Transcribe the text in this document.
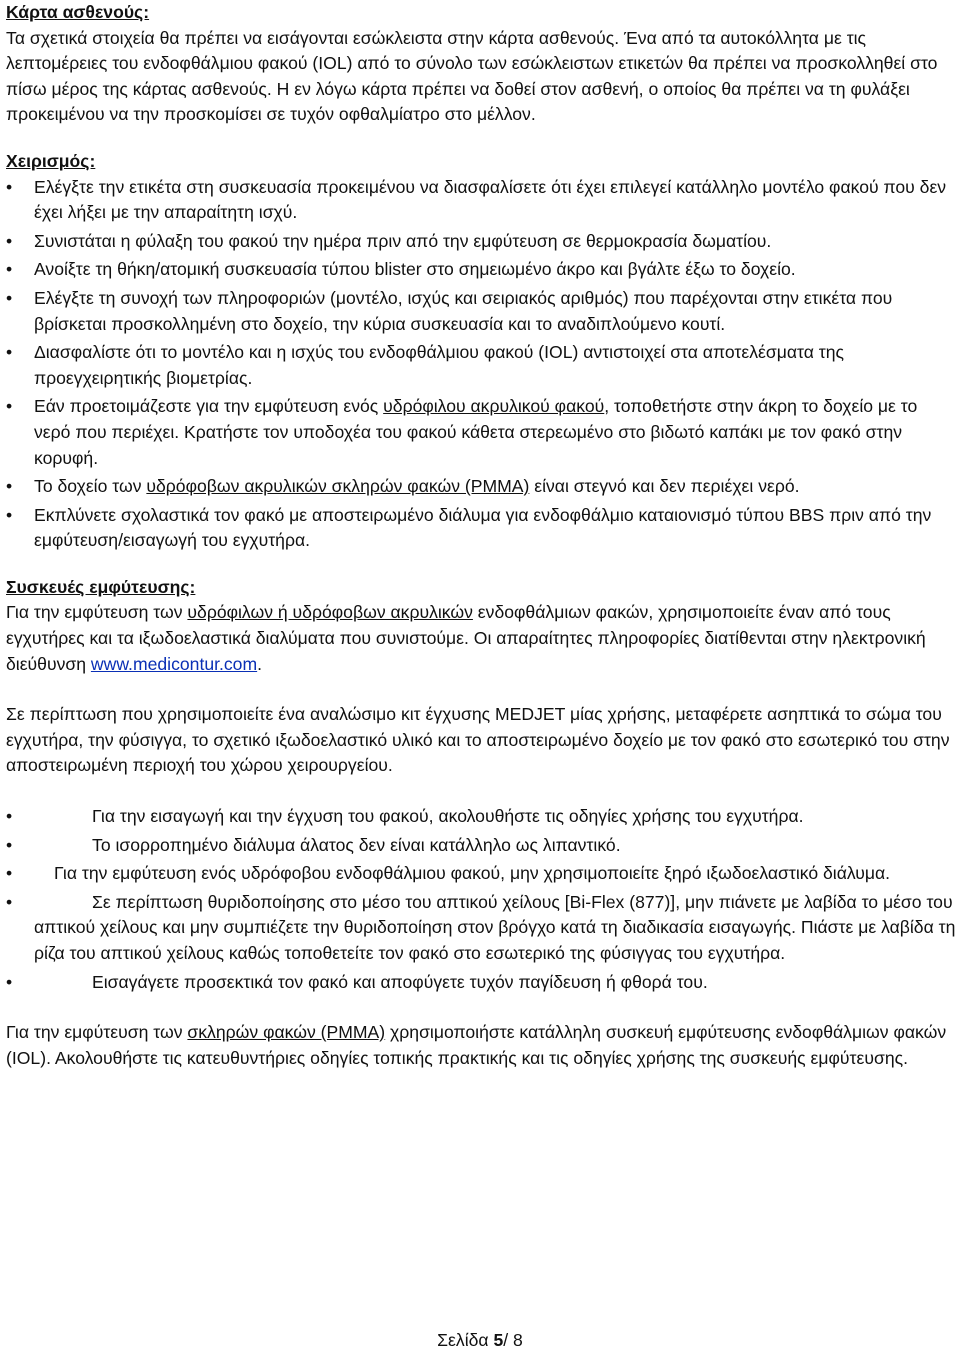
Κάρτα ασθενούς:

Τα σχετικά στοιχεία θα πρέπει να εισάγονται εσώκλειστα στην κάρτα ασθενούς. Ένα από τα αυτοκόλλητα με τις λεπτομέρειες του ενδοφθάλμιου φακού (IOL) από το σύνολο των εσώκλειστων ετικετών θα πρέπει να προσκολληθεί στο πίσω μέρος της κάρτας ασθενούς. Η εν λόγω κάρτα πρέπει να δοθεί στον ασθενή, ο οποίος θα πρέπει να τη φυλάξει προκειμένου να την προσκομίσει σε τυχόν οφθαλμίατρο στο μέλλον.

Χειρισμός:

• Ελέγξτε την ετικέτα στη συσκευασία προκειμένου να διασφαλίσετε ότι έχει επιλεγεί κατάλληλο μοντέλο φακού που δεν έχει λήξει με την απαραίτητη ισχύ.
• Συνιστάται η φύλαξη του φακού την ημέρα πριν από την εμφύτευση σε θερμοκρασία δωματίου.
• Ανοίξτε τη θήκη/ατομική συσκευασία τύπου blister στο σημειωμένο άκρο και βγάλτε έξω το δοχείο.
• Ελέγξτε τη συνοχή των πληροφοριών (μοντέλο, ισχύς και σειριακός αριθμός) που παρέχονται στην ετικέτα που βρίσκεται προσκολλημένη στο δοχείο, την κύρια συσκευασία και το αναδιπλούμενο κουτί.
• Διασφαλίστε ότι το μοντέλο και η ισχύς του ενδοφθάλμιου φακού (IOL) αντιστοιχεί στα αποτελέσματα της προεγχειρητικής βιομετρίας.
• Εάν προετοιμάζεστε για την εμφύτευση ενός υδρόφιλου ακρυλικού φακού, τοποθετήστε στην άκρη το δοχείο με το νερό που περιέχει. Κρατήστε τον υποδοχέα του φακού κάθετα στερεωμένο στο βιδωτό καπάκι με τον φακό στην κορυφή.
• Το δοχείο των υδρόφοβων ακρυλικών σκληρών φακών (PMMA) είναι στεγνό και δεν περιέχει νερό.
• Εκπλύνετε σχολαστικά τον φακό με αποστειρωμένο διάλυμα για ενδοφθάλμιο καταιονισμό τύπου BBS πριν από την εμφύτευση/εισαγωγή του εγχυτήρα.

Συσκευές εμφύτευσης:

Για την εμφύτευση των υδρόφιλων ή υδρόφοβων ακρυλικών ενδοφθάλμιων φακών, χρησιμοποιείτε έναν από τους εγχυτήρες και τα ιξωδοελαστικά διαλύματα που συνιστούμε. Οι απαραίτητες πληροφορίες διατίθενται στην ηλεκτρονική διεύθυνση www.medicontur.com.

Σε περίπτωση που χρησιμοποιείτε ένα αναλώσιμο κιτ έγχυσης MEDJET μίας χρήσης, μεταφέρετε ασηπτικά το σώμα του εγχυτήρα, την φύσιγγα, το σχετικό ιξωδοελαστικό υλικό και το αποστειρωμένο δοχείο με τον φακό στο εσωτερικό του στην αποστειρωμένη περιοχή του χώρου χειρουργείου.

•	Για την εισαγωγή και την έγχυση του φακού, ακολουθήστε τις οδηγίες χρήσης του εγχυτήρα.
•	Το ισορροπημένο διάλυμα άλατος δεν είναι κατάλληλο ως λιπαντικό.
• Για την εμφύτευση ενός υδρόφοβου ενδοφθάλμιου φακού, μην χρησιμοποιείτε ξηρό ιξωδοελαστικό διάλυμα.
•	Σε περίπτωση θυριδοποίησης στο μέσο του απτικού χείλους [Bi-Flex (877)], μην πιάνετε με λαβίδα το μέσο του απτικού χείλους και μην συμπιέζετε την θυριδοποίηση στον βρόγχο κατά τη διαδικασία εισαγωγής. Πιάστε με λαβίδα τη ρίζα του απτικού χείλους καθώς τοποθετείτε τον φακό στο εσωτερικό της φύσιγγας του εγχυτήρα.
•	Εισαγάγετε προσεκτικά τον φακό και αποφύγετε τυχόν παγίδευση ή φθορά του.

Για την εμφύτευση των σκληρών φακών (PMMA) χρησιμοποιήστε κατάλληλη συσκευή εμφύτευσης ενδοφθάλμιων φακών (IOL). Ακολουθήστε τις κατευθυντήριες οδηγίες τοπικής πρακτικής και τις οδηγίες χρήσης της συσκευής εμφύτευσης.

Σελίδα 5/ 8
